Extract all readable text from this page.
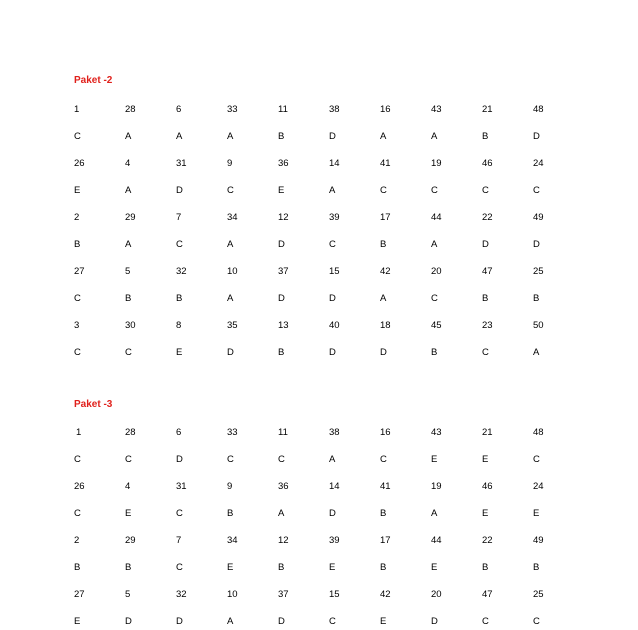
Paket -2
1	28	6	33	11	38	16	43	21	48
C	A	A	A	B	D	A	A	B	D
26	4	31	9	36	14	41	19	46	24
E	A	D	C	E	A	C	C	C	C
2	29	7	34	12	39	17	44	22	49
B	A	C	A	D	C	B	A	D	D
27	5	32	10	37	15	42	20	47	25
C	B	B	A	D	D	A	C	B	B
3	30	8	35	13	40	18	45	23	50
C	C	E	D	B	D	D	B	C	A
Paket -3
1	28	6	33	11	38	16	43	21	48
C	C	D	C	C	A	C	E	E	C
26	4	31	9	36	14	41	19	46	24
C	E	C	B	A	D	B	A	E	E
2	29	7	34	12	39	17	44	22	49
B	B	C	E	B	E	B	E	B	B
27	5	32	10	37	15	42	20	47	25
E	D	D	A	D	C	E	D	C	C
